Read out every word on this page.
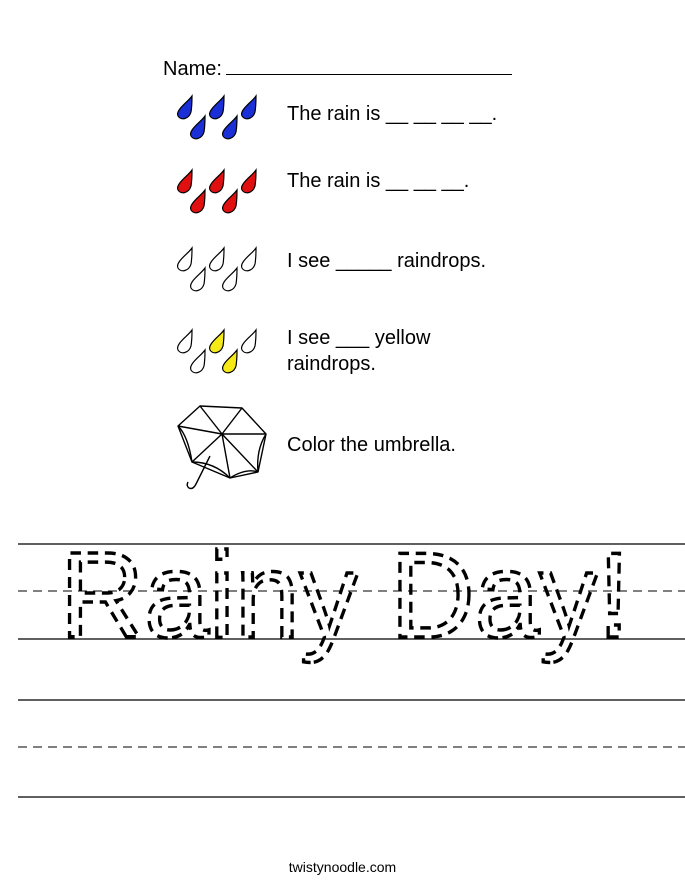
Name:
The rain is __ __ __ __.
The rain is __ __ __.
I see _____ raindrops.
I see ___ yellow
raindrops.
Color the umbrella.
Rainy Day!
twistynoodle.com
